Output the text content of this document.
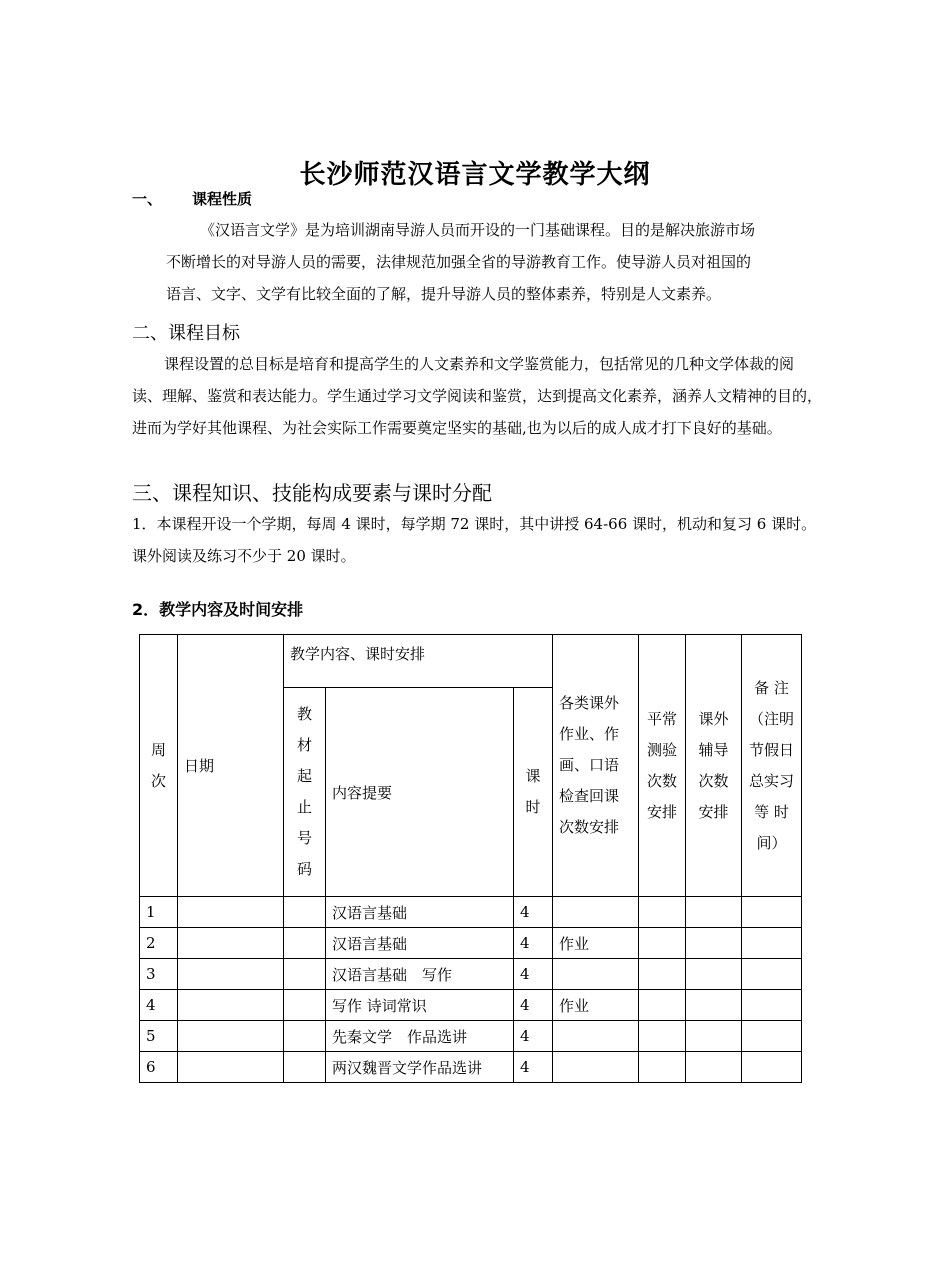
长沙师范汉语言文学教学大纲
一、 课程性质
《汉语言文学》是为培训湖南导游人员而开设的一门基础课程。目的是解决旅游市场
不断增长的对导游人员的需要，法律规范加强全省的导游教育工作。使导游人员对祖国的
语言、文字、文学有比较全面的了解，提升导游人员的整体素养，特别是人文素养。
二、课程目标
课程设置的总目标是培育和提高学生的人文素养和文学鉴赏能力，包括常见的几种文学体裁的阅读、理解、鉴赏和表达能力。学生通过学习文学阅读和鉴赏，达到提高文化素养，涵养人文精神的目的，进而为学好其他课程、为社会实际工作需要奠定坚实的基础,也为以后的成人成才打下良好的基础。
三、课程知识、技能构成要素与课时分配
1．本课程开设一个学期，每周 4 课时，每学期 72 课时，其中讲授 64-66 课时，机动和复习 6 课时。课外阅读及练习不少于 20 课时。
2．教学内容及时间安排
周次	日期	教学内容、课时安排			各类课外作业、作画、口语检查回课次数安排	平常测验次数安排	课外辅导次数安排	备 注（注明节假日总实习等 时间）
		教材起止号码	内容提要	课时				
1			汉语言基础	4				
2			汉语言基础	4	作业			
3			汉语言基础　写作	4				
4			写作 诗词常识	4	作业			
5			先秦文学　作品选讲	4				
6			两汉魏晋文学作品选讲	4				
